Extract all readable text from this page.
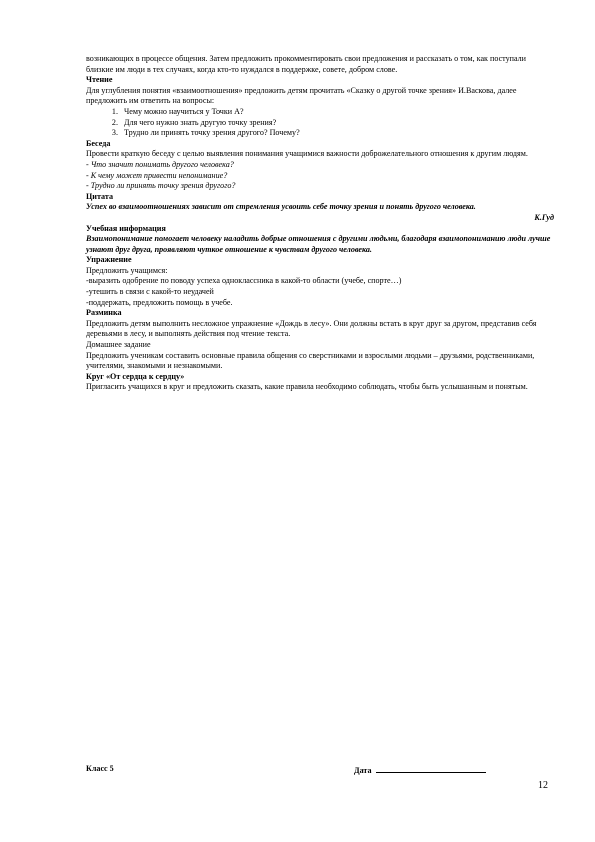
возникающих в процессе общения. Затем предложить прокомментировать свои предложения и рассказать о том, как поступали близкие им люди в тех случаях, когда кто-то нуждался в поддержке, совете, добром слове.

Чтение

Для углубления понятия «взаимоотношения» предложить детям прочитать «Сказку о другой точке зрения» И.Васкова, далее предложить им ответить на вопросы:

1. Чему можно научиться у Точки А?
2. Для чего нужно знать другую точку зрения?
3. Трудно ли принять точку зрения другого? Почему?

Беседа

Провести краткую беседу с целью выявления понимания учащимися важности доброжелательного отношения к другим людям.

- Что значит понимать другого человека?

- К чему может привести непонимание?

- Трудно ли принять точку зрения другого?

Цитата

Успех во взаимоотношениях зависит от стремления усвоить себе точку зрения и понять другого человека.

К.Гуд

Учебная информация

Взаимопонимание помогает человеку наладить добрые отношения с другими людьми, благодаря взаимопониманию люди лучше узнают друг друга, проявляют чуткое отношение к чувствам другого человека.

Упражнение

Предложить учащимся:

-выразить одобрение по поводу успеха одноклассника в какой-то области (учебе, спорте…)

-утешить в связи с какой-то неудачей

-поддержать, предложить помощь в учебе.

Разминка

Предложить детям выполнить несложное упражнение «Дождь в лесу». Они должны встать в круг друг за другом, представив себя деревьями в лесу, и выполнять действия под чтение текста.

Домашнее задание

Предложить ученикам составить основные правила общения со сверстниками и взрослыми людьми – друзьями, родственниками, учителями, знакомыми и незнакомыми.

Круг «От сердца к сердцу»

Пригласить учащихся в круг и предложить сказать, какие правила необходимо соблюдать, чтобы быть услышанным и понятым.

Класс 5	Дата
12
